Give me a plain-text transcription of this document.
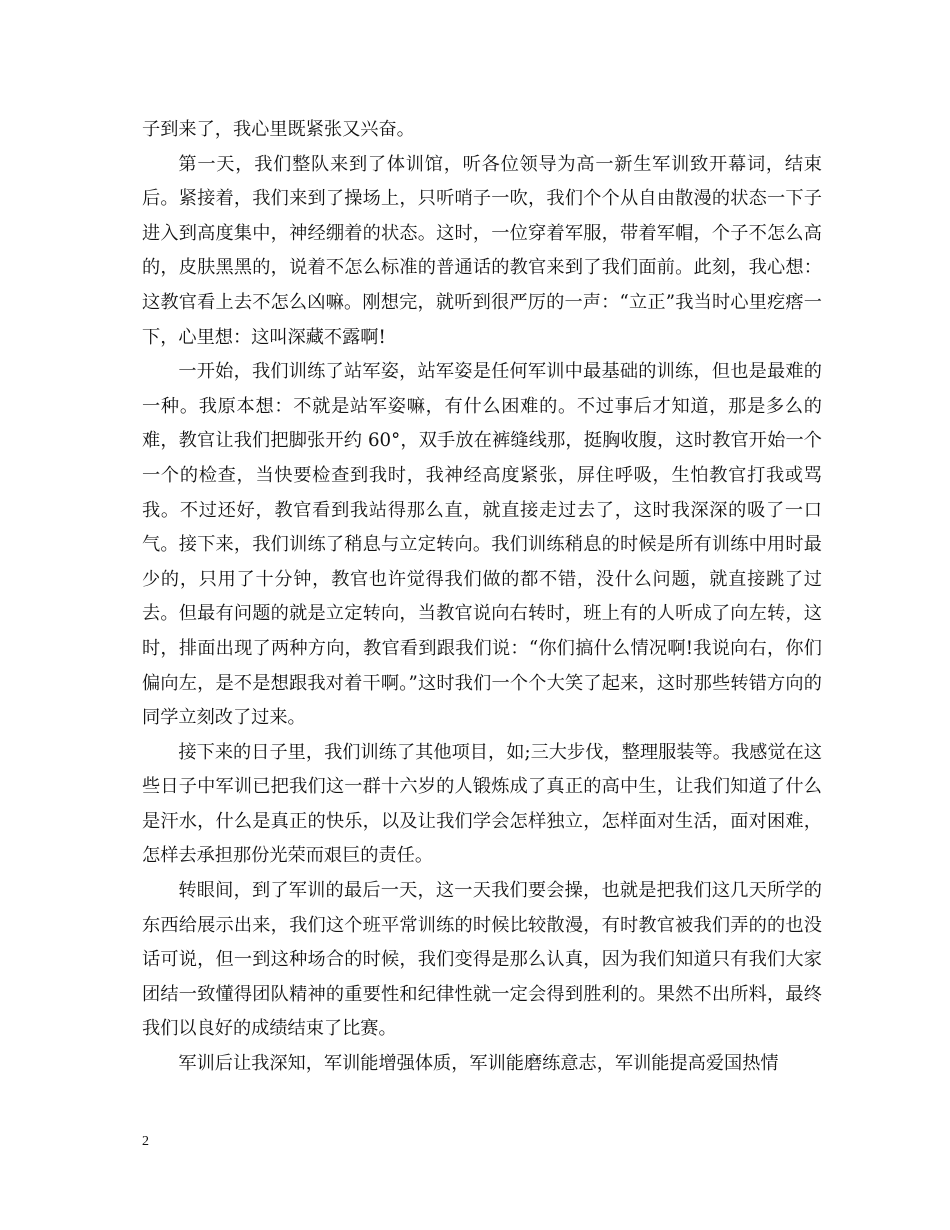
子到来了，我心里既紧张又兴奋。

第一天，我们整队来到了体训馆，听各位领导为高一新生军训致开幕词，结束后。紧接着，我们来到了操场上，只听哨子一吹，我们个个从自由散漫的状态一下子进入到高度集中，神经绷着的状态。这时，一位穿着军服，带着军帽，个子不怎么高的，皮肤黑黑的，说着不怎么标准的普通话的教官来到了我们面前。此刻，我心想：这教官看上去不怎么凶嘛。刚想完，就听到很严厉的一声：“立正”我当时心里疙瘩一下，心里想：这叫深藏不露啊!

一开始，我们训练了站军姿，站军姿是任何军训中最基础的训练，但也是最难的一种。我原本想：不就是站军姿嘛，有什么困难的。不过事后才知道，那是多么的难，教官让我们把脚张开约 60°，双手放在裤缝线那，挺胸收腹，这时教官开始一个一个的检查，当快要检查到我时，我神经高度紧张，屏住呼吸，生怕教官打我或骂我。不过还好，教官看到我站得那么直，就直接走过去了，这时我深深的吸了一口气。接下来，我们训练了稍息与立定转向。我们训练稍息的时候是所有训练中用时最少的，只用了十分钟，教官也许觉得我们做的都不错，没什么问题，就直接跳了过去。但最有问题的就是立定转向，当教官说向右转时，班上有的人听成了向左转，这时，排面出现了两种方向，教官看到跟我们说：“你们搞什么情况啊!我说向右，你们偏向左，是不是想跟我对着干啊。”这时我们一个个大笑了起来，这时那些转错方向的同学立刻改了过来。

接下来的日子里，我们训练了其他项目，如;三大步伐，整理服装等。我感觉在这些日子中军训已把我们这一群十六岁的人锻炼成了真正的高中生，让我们知道了什么是汗水，什么是真正的快乐，以及让我们学会怎样独立，怎样面对生活，面对困难，怎样去承担那份光荣而艰巨的责任。

转眼间，到了军训的最后一天，这一天我们要会操，也就是把我们这几天所学的东西给展示出来，我们这个班平常训练的时候比较散漫，有时教官被我们弄的的也没话可说，但一到这种场合的时候，我们变得是那么认真，因为我们知道只有我们大家团结一致懂得团队精神的重要性和纪律性就一定会得到胜利的。果然不出所料，最终我们以良好的成绩结束了比赛。

军训后让我深知，军训能增强体质，军训能磨练意志，军训能提高爱国热情

2
